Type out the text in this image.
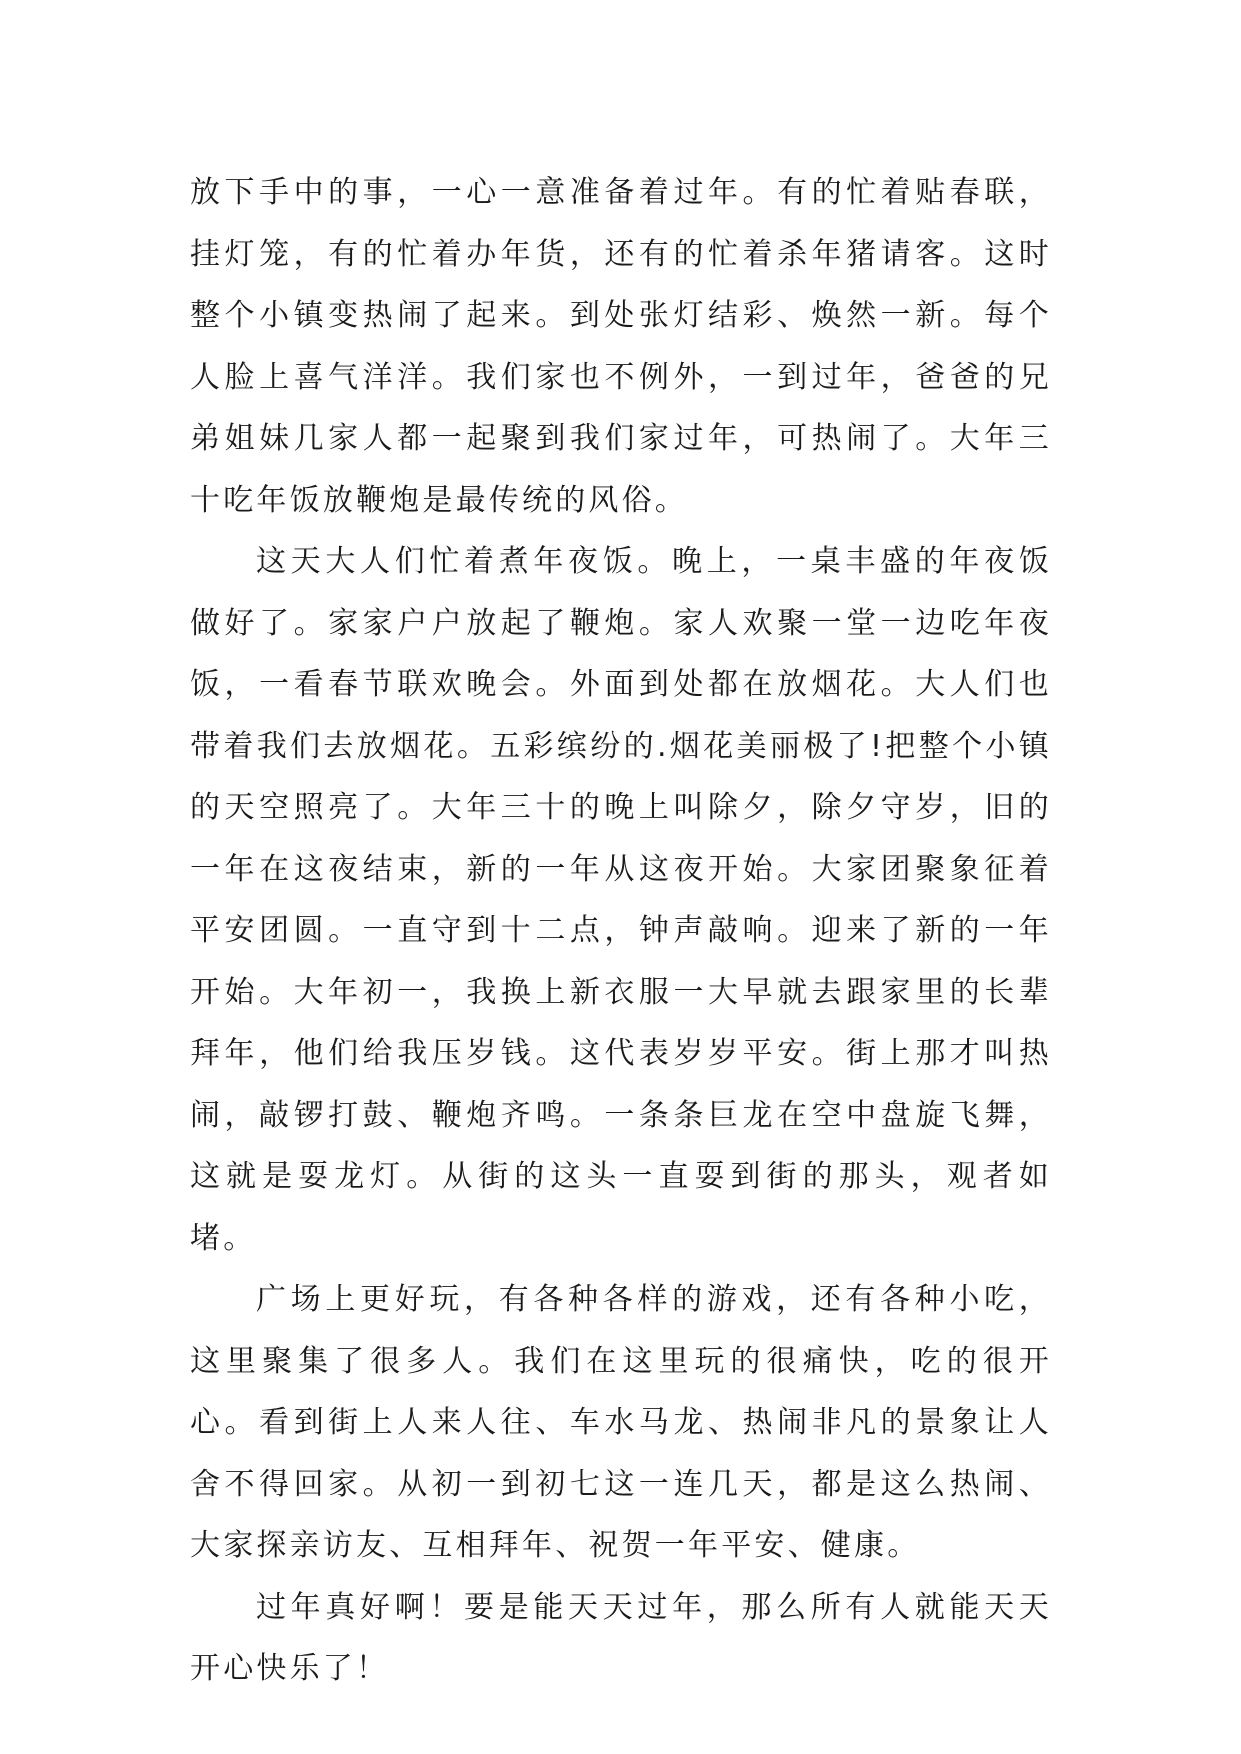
放下手中的事，一心一意准备着过年。有的忙着贴春联，挂灯笼，有的忙着办年货，还有的忙着杀年猪请客。这时整个小镇变热闹了起来。到处张灯结彩、焕然一新。每个人脸上喜气洋洋。我们家也不例外，一到过年，爸爸的兄弟姐妹几家人都一起聚到我们家过年，可热闹了。大年三十吃年饭放鞭炮是最传统的风俗。

这天大人们忙着煮年夜饭。晚上，一桌丰盛的年夜饭做好了。家家户户放起了鞭炮。家人欢聚一堂一边吃年夜饭，一看春节联欢晚会。外面到处都在放烟花。大人们也带着我们去放烟花。五彩缤纷的.烟花美丽极了!把整个小镇的天空照亮了。大年三十的晚上叫除夕，除夕守岁，旧的一年在这夜结束，新的一年从这夜开始。大家团聚象征着平安团圆。一直守到十二点，钟声敲响。迎来了新的一年开始。大年初一，我换上新衣服一大早就去跟家里的长辈拜年，他们给我压岁钱。这代表岁岁平安。街上那才叫热闹，敲锣打鼓、鞭炮齐鸣。一条条巨龙在空中盘旋飞舞，这就是耍龙灯。从街的这头一直耍到街的那头，观者如堵。

广场上更好玩，有各种各样的游戏，还有各种小吃，这里聚集了很多人。我们在这里玩的很痛快，吃的很开心。看到街上人来人往、车水马龙、热闹非凡的景象让人舍不得回家。从初一到初七这一连几天，都是这么热闹、大家探亲访友、互相拜年、祝贺一年平安、健康。

过年真好啊！要是能天天过年，那么所有人就能天天开心快乐了！
